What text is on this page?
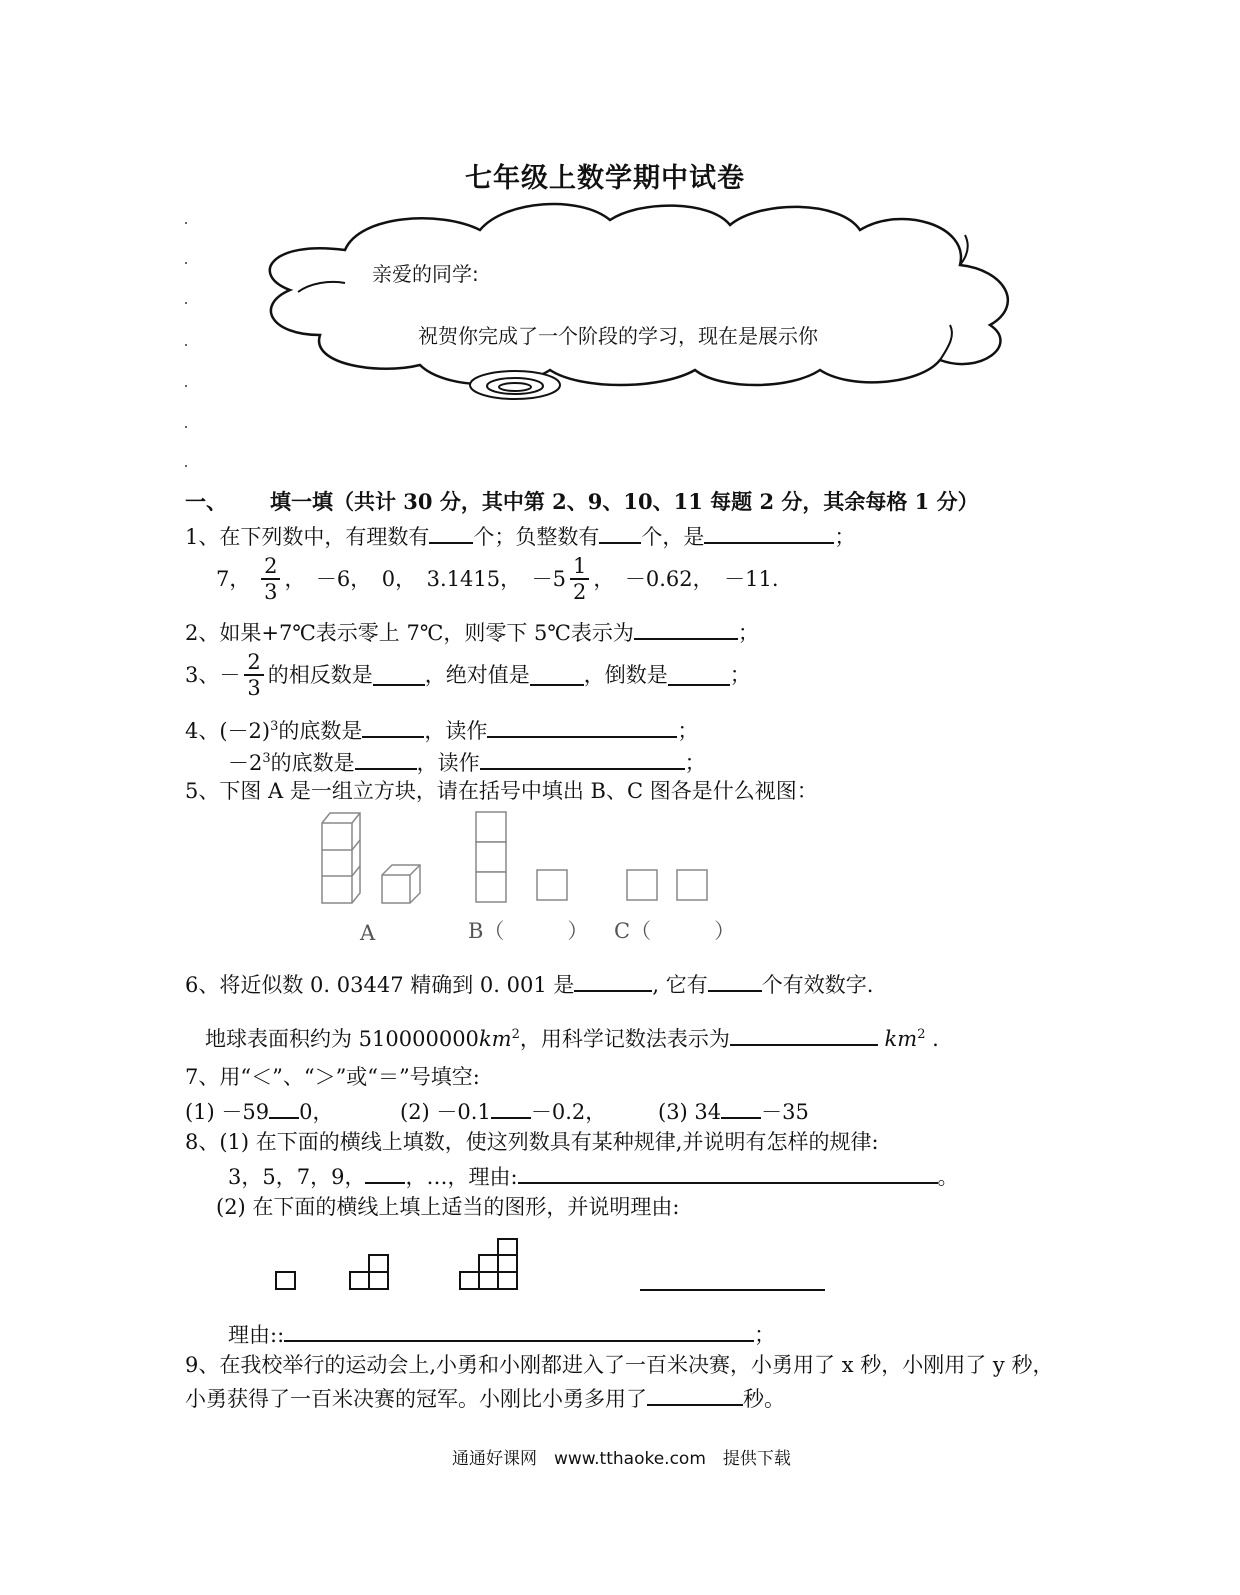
七年级上数学期中试卷
亲爱的同学:
祝贺你完成了一个阶段的学习，现在是展示你
一、 填一填（共计 30 分，其中第 2、9、10、11 每题 2 分，其余每格 1 分）
1、在下列数中，有理数有 个；负整数有 个，是	；
7， $\frac{2}{3}$ ，　－6，　0，　3.1415，　$-5 \frac{1}{2}$ ，　－0.62，　－11.
2、如果+7℃表示零上 7℃，则零下 5℃表示为	；
3、－ $\frac{2}{3}$ 的相反数是 ，绝对值是	，倒数是	；
4、$(-2)^3$的底数是	，读作	；
$-2^3$的底数是	，读作	；
5、下图 A 是一组立方块，请在括号中填出 B、C 图各是什么视图：
A	B（　　　） C（　　　）
6、将近似数 0. 03447 精确到 0. 001 是	, 它有	个有效数字.
地球表面积约为 $510000000km^2$，用科学记数法表示为	$km^2$ .
7、用“＜”、“＞”或“＝”号填空:
(1) －59 0，	(2) －0.1 －0.2， (3) 34 －35
8、(1) 在下面的横线上填数，使这列数具有某种规律,并说明有怎样的规律:
3，5，7，9， ，…，理由:	。
(2) 在下面的横线上填上适当的图形，并说明理由:
理由::	；
9、在我校举行的运动会上,小勇和小刚都进入了一百米决赛，小勇用了 x 秒，小刚用了 y 秒，
小勇获得了一百米决赛的冠军。小刚比小勇多用了	秒。
通通好课网　www.tthaoke.com　提供下载
